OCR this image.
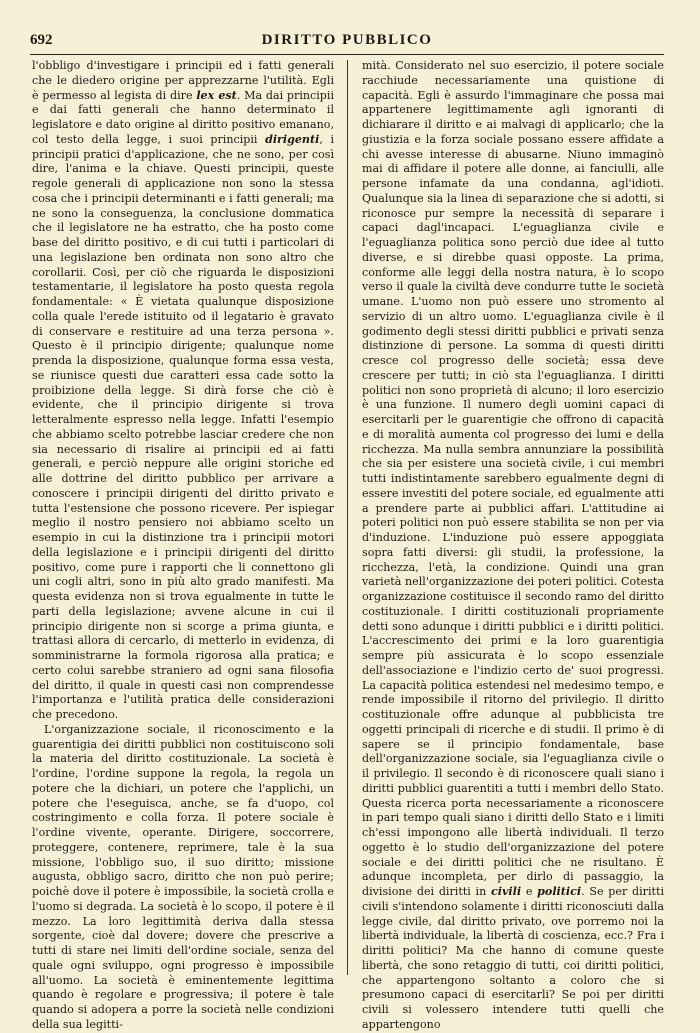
692	DIRITTO PUBBLICO

l'obbligo d'investigare i principii ed i fatti generali che le diedero origine per apprezzarne l'utilità. Egli è permesso al legista di dire lex est. Ma dai principii e dai fatti generali che hanno determinato il legislatore e dato origine al diritto positivo emanano, col testo della legge, i suoi principii dirigenti, i principii pratici d'applicazione, che ne sono, per così dire, l'anima e la chiave. Questi principii, queste regole generali di applicazione non sono la stessa cosa che i principii determinanti e i fatti generali; ma ne sono la conseguenza, la conclusione dommatica che il legislatore ne ha estratto, che ha posto come base del diritto positivo, e di cui tutti i particolari di una legislazione ben ordinata non sono altro che corollarii. Così, per ciò che riguarda le disposizioni testamentarie, il legislatore ha posto questa regola fondamentale: « È vietata qualunque disposizione colla quale l'erede istituito od il legatario è gravato di conservare e restituire ad una terza persona ». Questo è il principio dirigente; qualunque nome prenda la disposizione, qualunque forma essa vesta, se riunisce questi due caratteri essa cade sotto la proibizione della legge. Si dirà forse che ciò è evidente, che il principio dirigente si trova letteralmente espresso nella legge. Infatti l'esempio che abbiamo scelto potrebbe lasciar credere che non sia necessario di risalire ai principii ed ai fatti generali, e perciò neppure alle origini storiche ed alle dottrine del diritto pubblico per arrivare a conoscere i principii dirigenti del diritto privato e tutta l'estensione che possono ricevere. Per ispiegar meglio il nostro pensiero noi abbiamo scelto un esempio in cui la distinzione tra i principii motori della legislazione e i principii dirigenti del diritto positivo, come pure i rapporti che li connettono gli uni cogli altri, sono in più alto grado manifesti. Ma questa evidenza non si trova egualmente in tutte le parti della legislazione; avvene alcune in cui il principio dirigente non si scorge a prima giunta, e trattasi allora di cercarlo, di metterlo in evidenza, di somministrarne la formola rigorosa alla pratica; e certo colui sarebbe straniero ad ogni sana filosofia del diritto, il quale in questi casi non comprendesse l'importanza e l'utilità pratica delle considerazioni che precedono.

L'organizzazione sociale, il riconoscimento e la guarentigia dei diritti pubblici non costituiscono soli la materia del diritto costituzionale. La società è l'ordine, l'ordine suppone la regola, la regola un potere che la dichiari, un potere che l'applichi, un potere che l'eseguisca, anche, se fa d'uopo, col costringimento e colla forza. Il potere sociale è l'ordine vivente, operante. Dirigere, soccorrere, proteggere, contenere, reprimere, tale è la sua missione, l'obbligo suo, il suo diritto; missione augusta, obbligo sacro, diritto che non può perire; poichè dove il potere è impossibile, la società crolla e l'uomo si degrada. La società è lo scopo, il potere è il mezzo. La loro legittimità deriva dalla stessa sorgente, cioè dal dovere; dovere che prescrive a tutti di stare nei limiti dell'ordine sociale, senza del quale ogni sviluppo, ogni progresso è impossibile all'uomo. La società è eminentemente legittima quando è regolare e progressiva; il potere è tale quando si adopera a porre la società nelle condizioni della sua legitti-

mità. Considerato nel suo esercizio, il potere sociale racchiude necessariamente una quistione di capacità. Egli è assurdo l'immaginare che possa mai appartenere legittimamente agli ignoranti di dichiarare il diritto e ai malvagi di applicarlo; che la giustizia e la forza sociale possano essere affidate a chi avesse interesse di abusarne. Niuno immaginò mai di affidare il potere alle donne, ai fanciulli, alle persone infamate da una condanna, agl'idioti. Qualunque sia la linea di separazione che si adotti, si riconosce pur sempre la necessità di separare i capaci dagl'incapaci. L'eguaglianza civile e l'eguaglianza politica sono perciò due idee al tutto diverse, e si direbbe quasi opposte. La prima, conforme alle leggi della nostra natura, è lo scopo verso il quale la civiltà deve condurre tutte le società umane. L'uomo non può essere uno stromento al servizio di un altro uomo. L'eguaglianza civile è il godimento degli stessi diritti pubblici e privati senza distinzione di persone. La somma di questi diritti cresce col progresso delle società; essa deve crescere per tutti; in ciò sta l'eguaglianza. I diritti politici non sono proprietà di alcuno; il loro esercizio è una funzione. Il numero degli uomini capaci di esercitarli per le guarentigie che offrono di capacità e di moralità aumenta col progresso dei lumi e della ricchezza. Ma nulla sembra annunziare la possibilità che sia per esistere una società civile, i cui membri tutti indistintamente sarebbero egualmente degni di essere investiti del potere sociale, ed egualmente atti a prendere parte ai pubblici affari. L'attitudine ai poteri politici non può essere stabilita se non per via d'induzione. L'induzione può essere appoggiata sopra fatti diversi: gli studii, la professione, la ricchezza, l'età, la condizione. Quindi una gran varietà nell'organizzazione dei poteri politici. Cotesta organizzazione costituisce il secondo ramo del diritto costituzionale. I diritti costituzionali propriamente detti sono adunque i diritti pubblici e i diritti politici. L'accrescimento dei primi e la loro guarentigia sempre più assicurata è lo scopo essenziale dell'associazione e l'indizio certo de' suoi progressi. La capacità politica estendesi nel medesimo tempo, e rende impossibile il ritorno del privilegio. Il diritto costituzionale offre adunque al pubblicista tre oggetti principali di ricerche e di studii. Il primo è di sapere se il principio fondamentale, base dell'organizzazione sociale, sia l'eguaglianza civile o il privilegio. Il secondo è di riconoscere quali siano i diritti pubblici guarentiti a tutti i membri dello Stato. Questa ricerca porta necessariamente a riconoscere in pari tempo quali siano i diritti dello Stato e i limiti ch'essi impongono alle libertà individuali. Il terzo oggetto è lo studio dell'organizzazione del potere sociale e dei diritti politici che ne risultano. È adunque incompleta, per dirlo di passaggio, la divisione dei diritti in civili e politici. Se per diritti civili s'intendono solamente i diritti riconosciuti dalla legge civile, dal diritto privato, ove porremo noi la libertà individuale, la libertà di coscienza, ecc.? Fra i diritti politici? Ma che hanno di comune queste libertà, che sono retaggio di tutti, coi diritti politici, che appartengono soltanto a coloro che si presumono capaci di esercitarli? Se poi per diritti civili si volessero intendere tutti quelli che appartengono
